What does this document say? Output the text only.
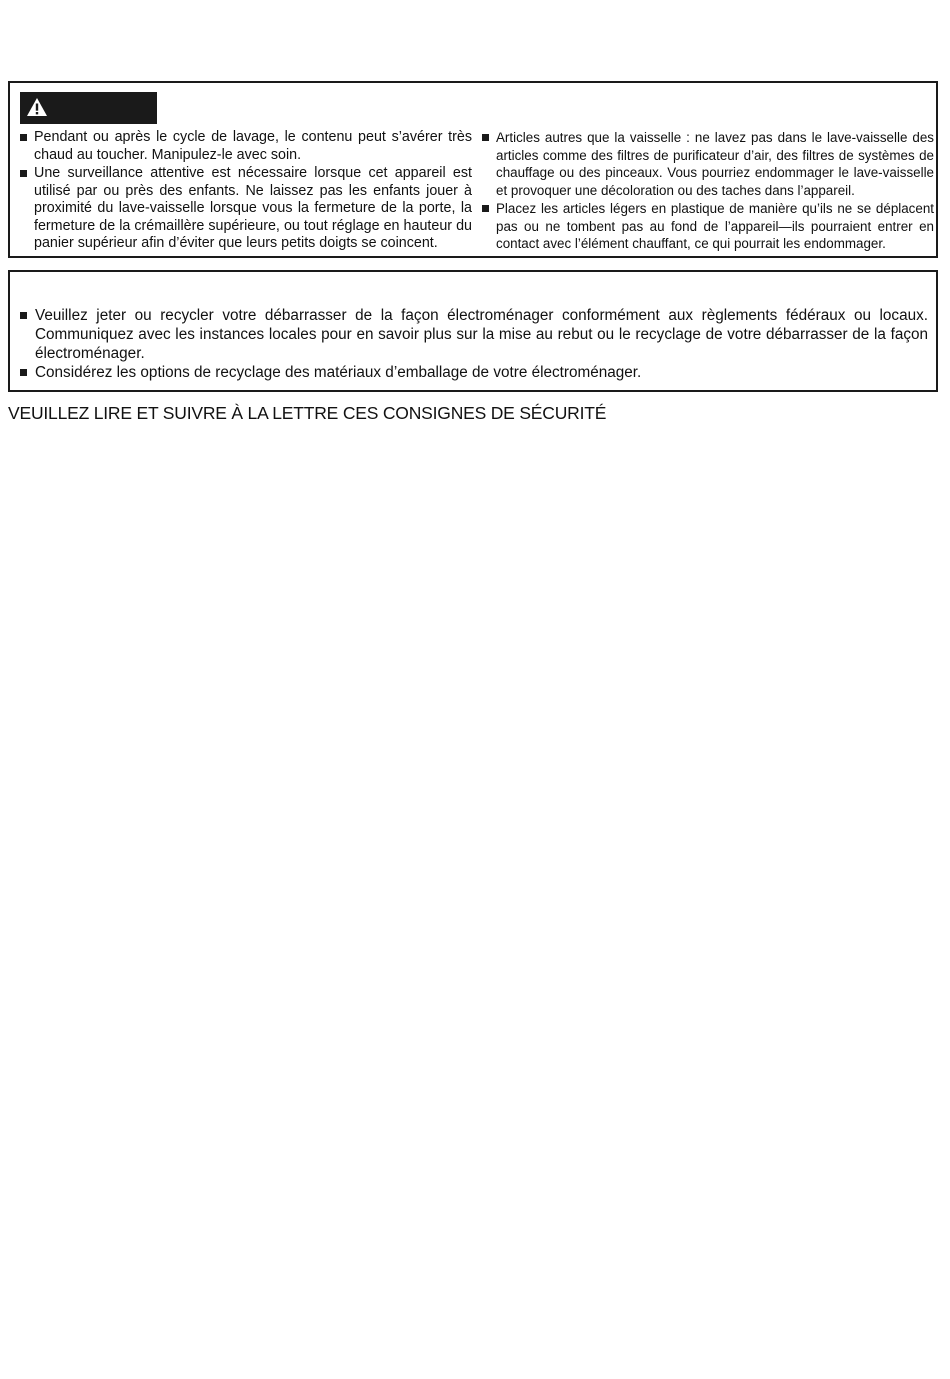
Pendant ou après le cycle de lavage, le contenu peut s’avérer très chaud au toucher. Manipulez-le avec soin.
Une surveillance attentive est nécessaire lorsque cet appareil est utilisé par ou près des enfants. Ne laissez pas les enfants jouer à proximité du lave-vaisselle lorsque vous la fermeture de la porte, la fermeture de la crémaillère supérieure, ou tout réglage en hauteur du panier supérieur afin d’éviter que leurs petits doigts se coincent.
Articles autres que la vaisselle : ne lavez pas dans le lave-vaisselle des articles comme des filtres de purificateur d’air, des filtres de systèmes de chauffage ou des pinceaux. Vous pourriez endommager le lave-vaisselle et provoquer une décoloration ou des taches dans l’appareil.
Placez les articles légers en plastique de manière qu’ils ne se déplacent pas ou ne tombent pas au fond de l’appareil—ils pourraient entrer en contact avec l’élément chauffant, ce qui pourrait les endommager.
Veuillez jeter ou recycler votre débarrasser de la façon électroménager conformément aux règlements fédéraux ou locaux. Communiquez avec les instances locales pour en savoir plus sur la mise au rebut ou le recyclage de votre débarrasser de la façon électroménager.
Considérez les options de recyclage des matériaux d’emballage de votre électroménager.
VEUILLEZ LIRE ET SUIVRE À LA LETTRE CES CONSIGNES DE SÉCURITÉ
